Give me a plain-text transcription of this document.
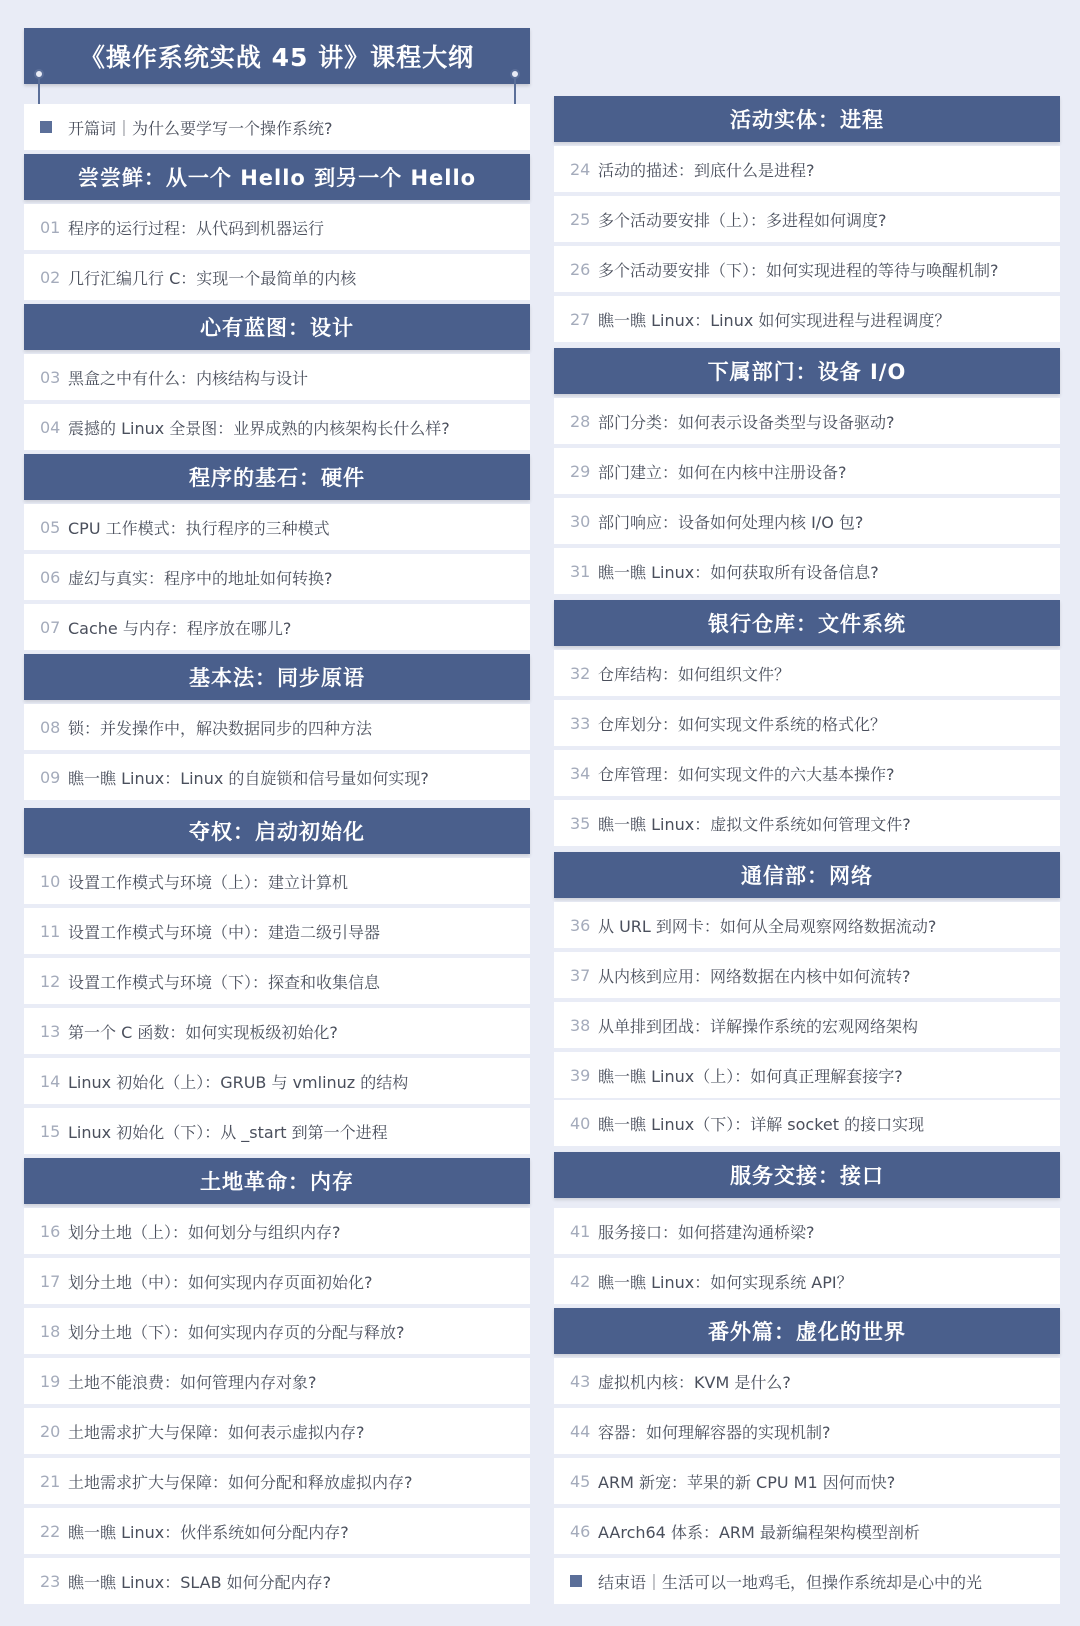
《操作系统实战 45 讲》课程大纲
开篇词｜为什么要学写一个操作系统?
尝尝鲜：从一个 Hello 到另一个 Hello
01 程序的运行过程：从代码到机器运行
02 几行汇编几行 C：实现一个最简单的内核
心有蓝图：设计
03 黑盒之中有什么：内核结构与设计
04 震撼的 Linux 全景图：业界成熟的内核架构长什么样?
程序的基石：硬件
05 CPU 工作模式：执行程序的三种模式
06 虚幻与真实：程序中的地址如何转换?
07 Cache 与内存：程序放在哪儿?
基本法：同步原语
08 锁：并发操作中，解决数据同步的四种方法
09 瞧一瞧 Linux：Linux 的自旋锁和信号量如何实现?
夺权：启动初始化
10 设置工作模式与环境（上）：建立计算机
11 设置工作模式与环境（中）：建造二级引导器
12 设置工作模式与环境（下）：探查和收集信息
13 第一个 C 函数：如何实现板级初始化?
14 Linux 初始化（上）：GRUB 与 vmlinuz 的结构
15 Linux 初始化（下）：从 _start 到第一个进程
土地革命：内存
16 划分土地（上）：如何划分与组织内存?
17 划分土地（中）：如何实现内存页面初始化?
18 划分土地（下）：如何实现内存页的分配与释放?
19 土地不能浪费：如何管理内存对象?
20 土地需求扩大与保障：如何表示虚拟内存?
21 土地需求扩大与保障：如何分配和释放虚拟内存?
22 瞧一瞧 Linux：伙伴系统如何分配内存?
23 瞧一瞧 Linux：SLAB 如何分配内存?
活动实体：进程
24 活动的描述：到底什么是进程?
25 多个活动要安排（上）：多进程如何调度?
26 多个活动要安排（下）：如何实现进程的等待与唤醒机制?
27 瞧一瞧 Linux：Linux 如何实现进程与进程调度？
下属部门：设备 I/O
28 部门分类：如何表示设备类型与设备驱动?
29 部门建立：如何在内核中注册设备?
30 部门响应：设备如何处理内核 I/O 包?
31 瞧一瞧 Linux：如何获取所有设备信息?
银行仓库：文件系统
32 仓库结构：如何组织文件？
33 仓库划分：如何实现文件系统的格式化？
34 仓库管理：如何实现文件的六大基本操作?
35 瞧一瞧 Linux：虚拟文件系统如何管理文件?
通信部：网络
36 从 URL 到网卡：如何从全局观察网络数据流动?
37 从内核到应用：网络数据在内核中如何流转?
38 从单排到团战：详解操作系统的宏观网络架构
39 瞧一瞧 Linux（上）：如何真正理解套接字?
40 瞧一瞧 Linux（下）：详解 socket 的接口实现
服务交接：接口
41 服务接口：如何搭建沟通桥梁?
42 瞧一瞧 Linux：如何实现系统 API？
番外篇：虚化的世界
43 虚拟机内核：KVM 是什么?
44 容器：如何理解容器的实现机制?
45 ARM 新宠：苹果的新 CPU M1 因何而快?
46 AArch64 体系：ARM 最新编程架构模型剖析
结束语｜生活可以一地鸡毛，但操作系统却是心中的光
